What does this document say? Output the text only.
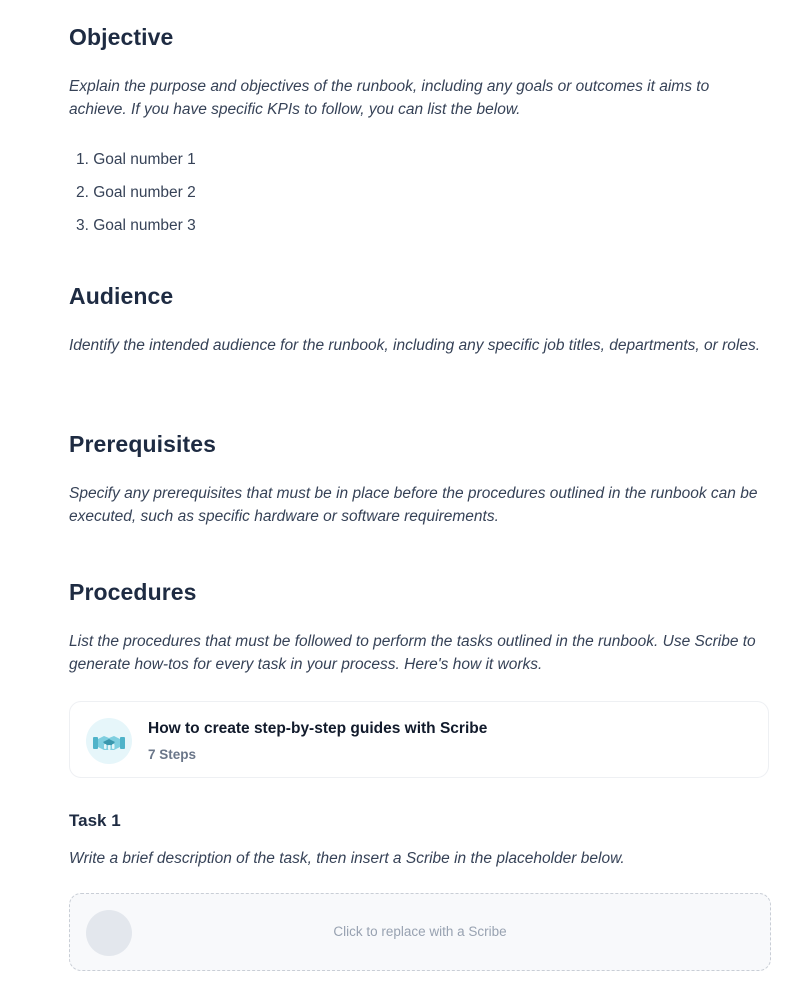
Objective

Explain the purpose and objectives of the runbook, including any goals or outcomes it aims to achieve. If you have specific KPIs to follow, you can list the below.

1. Goal number 1
2. Goal number 2
3. Goal number 3
Audience

Identify the intended audience for the runbook, including any specific job titles, departments, or roles.

Prerequisites

Specify any prerequisites that must be in place before the procedures outlined in the runbook can be executed, such as specific hardware or software requirements.

Procedures

List the procedures that must be followed to perform the tasks outlined in the runbook. Use Scribe to generate how-tos for every task in your process. Here's how it works.

How to create step-by-step guides with Scribe
7 Steps
Task 1

Write a brief description of the task, then insert a Scribe in the placeholder below.

Click to replace with a Scribe
